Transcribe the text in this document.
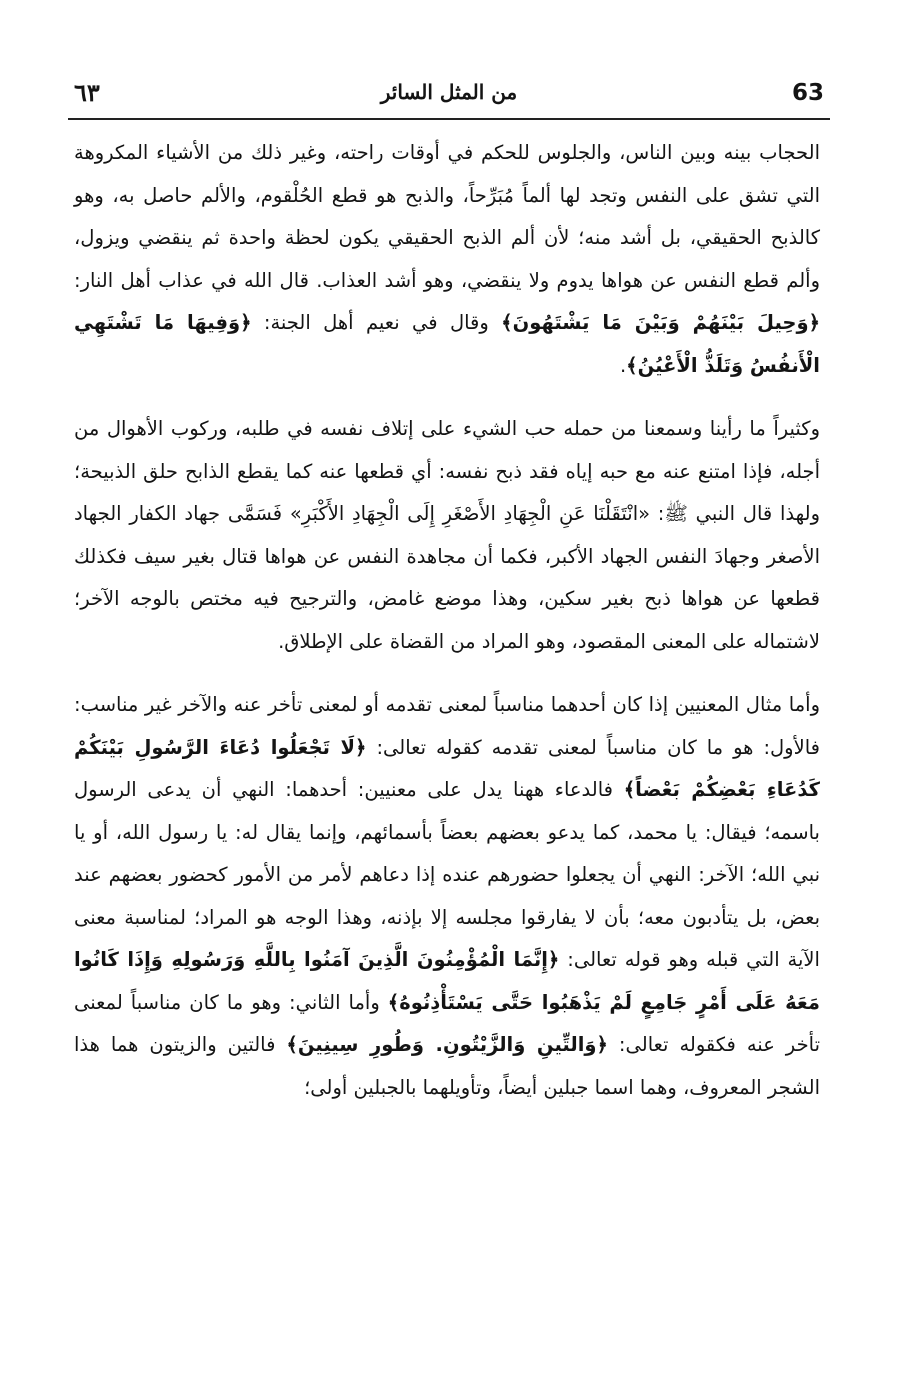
63
من المثل السائر
٦٣

الحجاب بينه وبين الناس، والجلوس للحكم في أوقات راحته، وغير ذلك من الأشياء المكروهة التي تشق على النفس وتجد لها ألماً مُبَرِّحاً، والذبح هو قطع الحُلْقوم، والألم حاصل به، وهو كالذبح الحقيقي، بل أشد منه؛ لأن ألم الذبح الحقيقي يكون لحظة واحدة ثم ينقضي ويزول، وألم قطع النفس عن هواها يدوم ولا ينقضي، وهو أشد العذاب. قال الله في عذاب أهل النار: ﴿وَحِيلَ بَيْنَهُمْ وَبَيْنَ مَا يَشْتَهُونَ﴾ وقال في نعيم أهل الجنة: ﴿وَفِيهَا مَا تَشْتَهِي الْأَنفُسُ وَتَلَذُّ الْأَعْيُنُ﴾.

وكثيراً ما رأينا وسمعنا من حمله حب الشيء على إتلاف نفسه في طلبه، وركوب الأهوال من أجله، فإذا امتنع عنه مع حبه إياه فقد ذبح نفسه: أي قطعها عنه كما يقطع الذابح حلق الذبيحة؛ ولهذا قال النبي ﷺ: «انْتَقَلْنَا عَنِ الْجِهَادِ الأَصْغَرِ إِلَى الْجِهَادِ الأَكْبَرِ» فَسَمَّى جهاد الكفار الجهاد الأصغر وجهادَ النفس الجهاد الأكبر، فكما أن مجاهدة النفس عن هواها قتال بغير سيف فكذلك قطعها عن هواها ذبح بغير سكين، وهذا موضع غامض، والترجيح فيه مختص بالوجه الآخر؛ لاشتماله على المعنى المقصود، وهو المراد من القضاة على الإطلاق.

وأما مثال المعنيين إذا كان أحدهما مناسباً لمعنى تقدمه أو لمعنى تأخر عنه والآخر غير مناسب: فالأول: هو ما كان مناسباً لمعنى تقدمه كقوله تعالى: ﴿لَا تَجْعَلُوا دُعَاءَ الرَّسُولِ بَيْنَكُمْ كَدُعَاءِ بَعْضِكُمْ بَعْضاً﴾ فالدعاء ههنا يدل على معنيين: أحدهما: النهي أن يدعى الرسول باسمه؛ فيقال: يا محمد، كما يدعو بعضهم بعضاً بأسمائهم، وإنما يقال له: يا رسول الله، أو يا نبي الله؛ الآخر: النهي أن يجعلوا حضورهم عنده إذا دعاهم لأمر من الأمور كحضور بعضهم عند بعض، بل يتأدبون معه؛ بأن لا يفارقوا مجلسه إلا بإذنه، وهذا الوجه هو المراد؛ لمناسبة معنى الآية التي قبله وهو قوله تعالى: ﴿إِنَّمَا الْمُؤْمِنُونَ الَّذِينَ آمَنُوا بِاللَّهِ وَرَسُولِهِ وَإِذَا كَانُوا مَعَهُ عَلَى أَمْرٍ جَامِعٍ لَمْ يَذْهَبُوا حَتَّى يَسْتَأْذِنُوهُ﴾ وأما الثاني: وهو ما كان مناسباً لمعنى تأخر عنه فكقوله تعالى: ﴿وَالتِّينِ وَالزَّيْتُونِ. وَطُورِ سِينِينَ﴾ فالتين والزيتون هما هذا الشجر المعروف، وهما اسما جبلين أيضاً، وتأويلهما بالجبلين أولى؛
